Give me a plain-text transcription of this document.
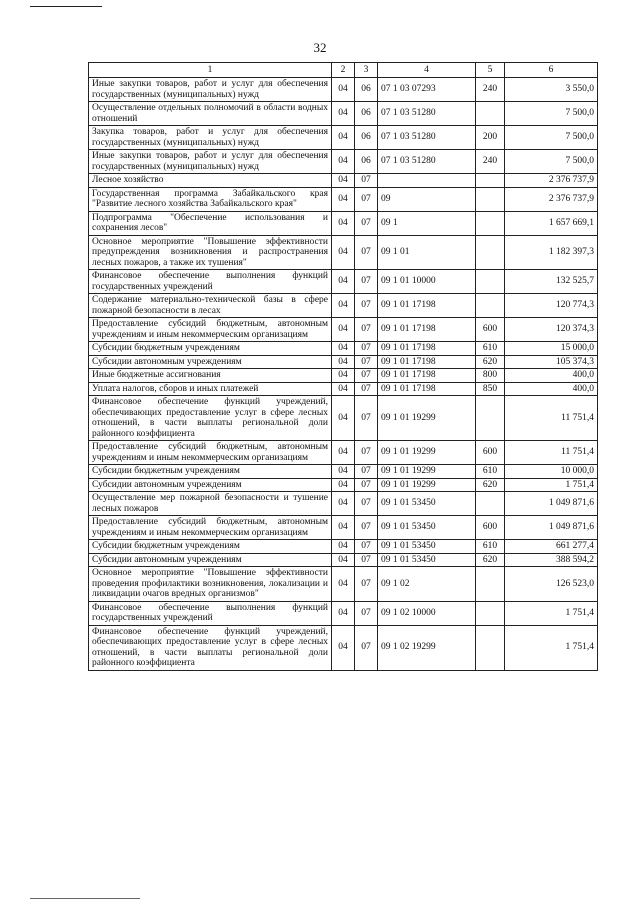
32
1	2	3	4	5	6
Иные закупки товаров, работ и услуг для обеспечения государственных (муниципальных) нужд	04	06	07 1 03 07293	240	3 550,0
Осуществление отдельных полномочий в области водных отношений	04	06	07 1 03 51280		7 500,0
Закупка товаров, работ и услуг для обеспечения государственных (муниципальных) нужд	04	06	07 1 03 51280	200	7 500,0
Иные закупки товаров, работ и услуг для обеспечения государственных (муниципальных) нужд	04	06	07 1 03 51280	240	7 500,0
Лесное хозяйство	04	07			2 376 737,9
Государственная программа Забайкальского края "Развитие лесного хозяйства Забайкальского края"	04	07	09		2 376 737,9
Подпрограмма "Обеспечение использования и сохранения лесов"	04	07	09 1		1 657 669,1
Основное мероприятие "Повышение эффективности предупреждения возникновения и распространения лесных пожаров, а также их тушения"	04	07	09 1 01		1 182 397,3
Финансовое обеспечение выполнения функций государственных учреждений	04	07	09 1 01 10000		132 525,7
Содержание материально-технической базы в сфере пожарной безопасности в лесах	04	07	09 1 01 17198		120 774,3
Предоставление субсидий бюджетным, автономным учреждениям и иным некоммерческим организациям	04	07	09 1 01 17198	600	120 374,3
Субсидии бюджетным учреждениям	04	07	09 1 01 17198	610	15 000,0
Субсидии автономным учреждениям	04	07	09 1 01 17198	620	105 374,3
Иные бюджетные ассигнования	04	07	09 1 01 17198	800	400,0
Уплата налогов, сборов и иных платежей	04	07	09 1 01 17198	850	400,0
Финансовое обеспечение функций учреждений, обеспечивающих предоставление услуг в сфере лесных отношений, в части выплаты региональной доли районного коэффициента	04	07	09 1 01 19299		11 751,4
Предоставление субсидий бюджетным, автономным учреждениям и иным некоммерческим организациям	04	07	09 1 01 19299	600	11 751,4
Субсидии бюджетным учреждениям	04	07	09 1 01 19299	610	10 000,0
Субсидии автономным учреждениям	04	07	09 1 01 19299	620	1 751,4
Осуществление мер пожарной безопасности и тушение лесных пожаров	04	07	09 1 01 53450		1 049 871,6
Предоставление субсидий бюджетным, автономным учреждениям и иным некоммерческим организациям	04	07	09 1 01 53450	600	1 049 871,6
Субсидии бюджетным учреждениям	04	07	09 1 01 53450	610	661 277,4
Субсидии автономным учреждениям	04	07	09 1 01 53450	620	388 594,2
Основное мероприятие "Повышение эффективности проведения профилактики возникновения, локализации и ликвидации очагов вредных организмов"	04	07	09 1 02		126 523,0
Финансовое обеспечение выполнения функций государственных учреждений	04	07	09 1 02 10000		1 751,4
Финансовое обеспечение функций учреждений, обеспечивающих предоставление услуг в сфере лесных отношений, в части выплаты региональной доли районного коэффициента	04	07	09 1 02 19299		1 751,4
